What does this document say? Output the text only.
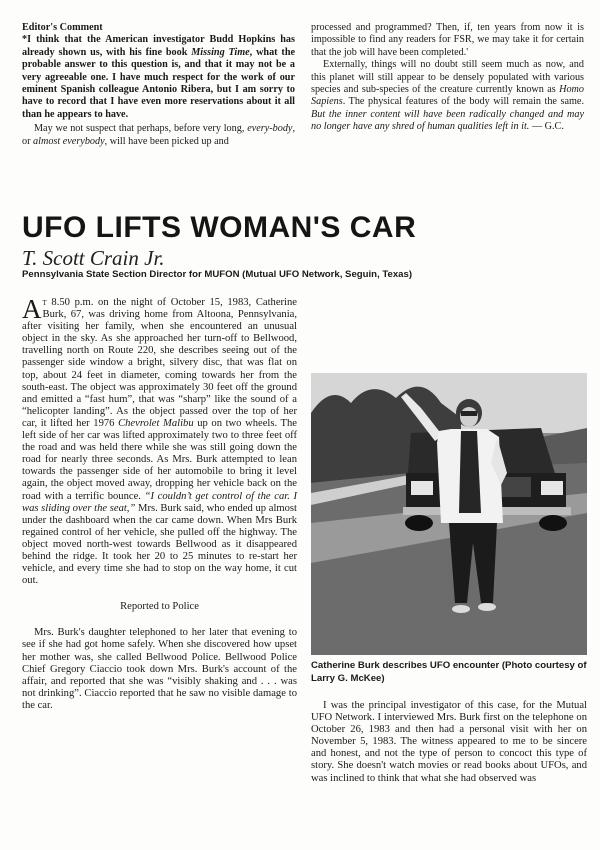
Editor's Comment

*I think that the American investigator Budd Hopkins has already shown us, with his fine book Missing Time, what the probable answer to this question is, and that it may not be a very agreeable one. I have much respect for the work of our eminent Spanish colleague Antonio Ribera, but I am sorry to have to record that I have even more reservations about it all than he appears to have.

May we not suspect that perhaps, before very long, every-body, or almost everybody, will have been picked up and

processed and programmed? Then, if, ten years from now it is impossible to find any readers for FSR, we may take it for certain that the job will have been completed.'

Externally, things will no doubt still seem much as now, and this planet will still appear to be densely populated with various species and sub-species of the creature currently known as Homo Sapiens. The physical features of the body will remain the same. But the inner content will have been radically changed and may no longer have any shred of human qualities left in it. — G.C.

UFO LIFTS WOMAN'S CAR
T. Scott Crain Jr.
Pennsylvania State Section Director for MUFON (Mutual UFO Network, Seguin, Texas)

At 8.50 p.m. on the night of October 15, 1983, Catherine Burk, 67, was driving home from Altoona, Pennsylvania, after visiting her family, when she encountered an unusual object in the sky. As she approached her turn-off to Bellwood, travelling north on Route 220, she describes seeing out of the passenger side window a bright, silvery disc, that was flat on top, about 24 feet in diameter, coming towards her from the south-east. The object was approximately 30 feet off the ground and emitted a “fast hum”, that was “sharp” like the sound of a “helicopter landing”. As the object passed over the top of her car, it lifted her 1976 Chevrolet Malibu up on two wheels. The left side of her car was lifted approximately two to three feet off the road and was held there while she was still going down the road for nearly three seconds. As Mrs. Burk attempted to lean towards the passenger side of her automobile to bring it level again, the object moved away, dropping her vehicle back on the road with a terrific bounce. “I couldn’t get control of the car. I was sliding over the seat,” Mrs. Burk said, who ended up almost under the dashboard when the car came down. When Mrs Burk regained control of her vehicle, she pulled off the highway. The object moved north-west towards Bellwood as it disappeared behind the ridge. It took her 20 to 25 minutes to re-start her vehicle, and every time she had to stop on the way home, it cut out.

Reported to Police

Mrs. Burk's daughter telephoned to her later that evening to see if she had got home safely. When she discovered how upset her mother was, she called Bellwood Police. Bellwood Police Chief Gregory Ciaccio took down Mrs. Burk's account of the affair, and reported that she was “visibly shaking and . . . was not drinking”. Ciaccio reported that he saw no visible damage to the car.

Catherine Burk describes UFO encounter (Photo courtesy of Larry G. McKee)

I was the principal investigator of this case, for the Mutual UFO Network. I interviewed Mrs. Burk first on the telephone on October 26, 1983 and then had a personal visit with her on November 5, 1983. The witness appeared to me to be sincere and honest, and not the type of person to concoct this type of story. She doesn't watch movies or read books about UFOs, and was inclined to think that what she had observed was
